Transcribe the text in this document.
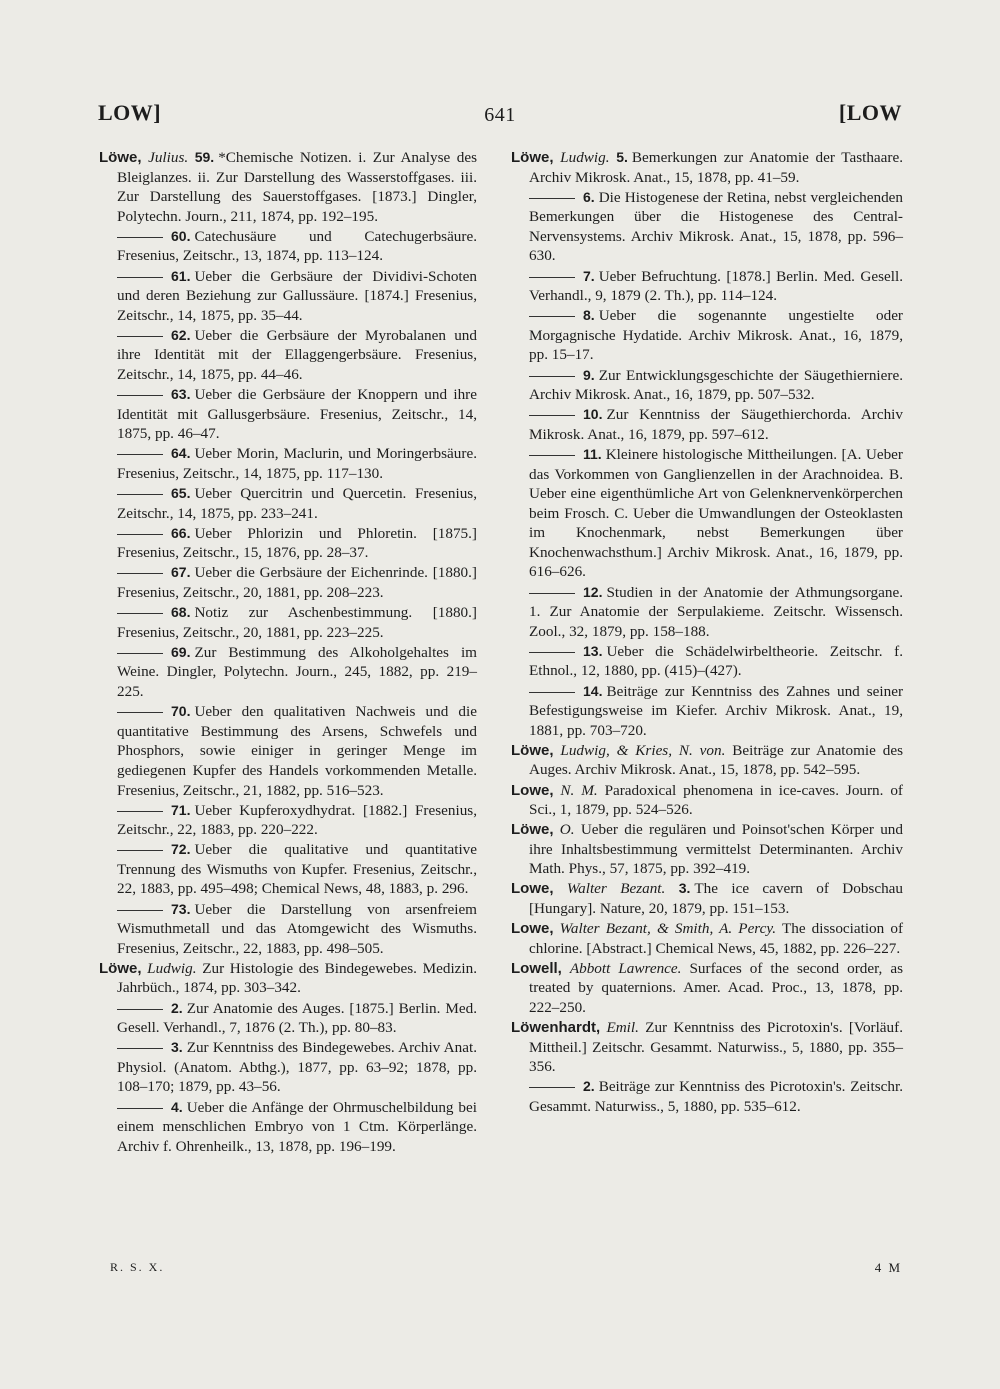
LOW]	641	[LOW

Löwe, Julius. 59. *Chemische Notizen. i. Zur Analyse des Bleiglanzes. ii. Zur Darstellung des Wasserstoffgases. iii. Zur Darstellung des Sauerstoffgases. [1873.] Dingler, Polytechn. Journ., 211, 1874, pp. 192–195.

60. Catechusäure und Catechugerbsäure. Fresenius, Zeitschr., 13, 1874, pp. 113–124.

61. Ueber die Gerbsäure der Dividivi-Schoten und deren Beziehung zur Gallussäure. [1874.] Fresenius, Zeitschr., 14, 1875, pp. 35–44.

62. Ueber die Gerbsäure der Myrobalanen und ihre Identität mit der Ellaggengerbsäure. Fresenius, Zeitschr., 14, 1875, pp. 44–46.

63. Ueber die Gerbsäure der Knoppern und ihre Identität mit Gallusgerbsäure. Fresenius, Zeitschr., 14, 1875, pp. 46–47.

64. Ueber Morin, Maclurin, und Moringerbsäure. Fresenius, Zeitschr., 14, 1875, pp. 117–130.

65. Ueber Quercitrin und Quercetin. Fresenius, Zeitschr., 14, 1875, pp. 233–241.

66. Ueber Phlorizin und Phloretin. [1875.] Fresenius, Zeitschr., 15, 1876, pp. 28–37.

67. Ueber die Gerbsäure der Eichenrinde. [1880.] Fresenius, Zeitschr., 20, 1881, pp. 208–223.

68. Notiz zur Aschenbestimmung. [1880.] Fresenius, Zeitschr., 20, 1881, pp. 223–225.

69. Zur Bestimmung des Alkoholgehaltes im Weine. Dingler, Polytechn. Journ., 245, 1882, pp. 219–225.

70. Ueber den qualitativen Nachweis und die quantitative Bestimmung des Arsens, Schwefels und Phosphors, sowie einiger in geringer Menge im gediegenen Kupfer des Handels vorkommenden Metalle. Fresenius, Zeitschr., 21, 1882, pp. 516–523.

71. Ueber Kupferoxydhydrat. [1882.] Fresenius, Zeitschr., 22, 1883, pp. 220–222.

72. Ueber die qualitative und quantitative Trennung des Wismuths von Kupfer. Fresenius, Zeitschr., 22, 1883, pp. 495–498; Chemical News, 48, 1883, p. 296.

73. Ueber die Darstellung von arsenfreiem Wismuthmetall und das Atomgewicht des Wismuths. Fresenius, Zeitschr., 22, 1883, pp. 498–505.

Löwe, Ludwig. Zur Histologie des Bindegewebes. Medizin. Jahrbüch., 1874, pp. 303–342.

2. Zur Anatomie des Auges. [1875.] Berlin. Med. Gesell. Verhandl., 7, 1876 (2. Th.), pp. 80–83.

3. Zur Kenntniss des Bindegewebes. Archiv Anat. Physiol. (Anatom. Abthg.), 1877, pp. 63–92; 1878, pp. 108–170; 1879, pp. 43–56.

4. Ueber die Anfänge der Ohrmuschelbildung bei einem menschlichen Embryo von 1 Ctm. Körperlänge. Archiv f. Ohrenheilk., 13, 1878, pp. 196–199.

Löwe, Ludwig. 5. Bemerkungen zur Anatomie der Tasthaare. Archiv Mikrosk. Anat., 15, 1878, pp. 41–59.

6. Die Histogenese der Retina, nebst vergleichenden Bemerkungen über die Histogenese des Central-Nervensystems. Archiv Mikrosk. Anat., 15, 1878, pp. 596–630.

7. Ueber Befruchtung. [1878.] Berlin. Med. Gesell. Verhandl., 9, 1879 (2. Th.), pp. 114–124.

8. Ueber die sogenannte ungestielte oder Morgagnische Hydatide. Archiv Mikrosk. Anat., 16, 1879, pp. 15–17.

9. Zur Entwicklungsgeschichte der Säugethierniere. Archiv Mikrosk. Anat., 16, 1879, pp. 507–532.

10. Zur Kenntniss der Säugethierchorda. Archiv Mikrosk. Anat., 16, 1879, pp. 597–612.

11. Kleinere histologische Mittheilungen. [A. Ueber das Vorkommen von Ganglienzellen in der Arachnoidea. B. Ueber eine eigenthümliche Art von Gelenknervenkörperchen beim Frosch. C. Ueber die Umwandlungen der Osteoklasten im Knochenmark, nebst Bemerkungen über Knochenwachsthum.] Archiv Mikrosk. Anat., 16, 1879, pp. 616–626.

12. Studien in der Anatomie der Athmungsorgane. 1. Zur Anatomie der Serpulakieme. Zeitschr. Wissensch. Zool., 32, 1879, pp. 158–188.

13. Ueber die Schädelwirbeltheorie. Zeitschr. f. Ethnol., 12, 1880, pp. (415)–(427).

14. Beiträge zur Kenntniss des Zahnes und seiner Befestigungsweise im Kiefer. Archiv Mikrosk. Anat., 19, 1881, pp. 703–720.

Löwe, Ludwig, & Kries, N. von. Beiträge zur Anatomie des Auges. Archiv Mikrosk. Anat., 15, 1878, pp. 542–595.

Lowe, N. M. Paradoxical phenomena in ice-caves. Journ. of Sci., 1, 1879, pp. 524–526.

Löwe, O. Ueber die regulären und Poinsot'schen Körper und ihre Inhaltsbestimmung vermittelst Determinanten. Archiv Math. Phys., 57, 1875, pp. 392–419.

Lowe, Walter Bezant. 3. The ice cavern of Dobschau [Hungary]. Nature, 20, 1879, pp. 151–153.

Lowe, Walter Bezant, & Smith, A. Percy. The dissociation of chlorine. [Abstract.] Chemical News, 45, 1882, pp. 226–227.

Lowell, Abbott Lawrence. Surfaces of the second order, as treated by quaternions. Amer. Acad. Proc., 13, 1878, pp. 222–250.

Löwenhardt, Emil. Zur Kenntniss des Picrotoxin's. [Vorläuf. Mittheil.] Zeitschr. Gesammt. Naturwiss., 5, 1880, pp. 355–356.

2. Beiträge zur Kenntniss des Picrotoxin's. Zeitschr. Gesammt. Naturwiss., 5, 1880, pp. 535–612.

R. S. X.	4 M
